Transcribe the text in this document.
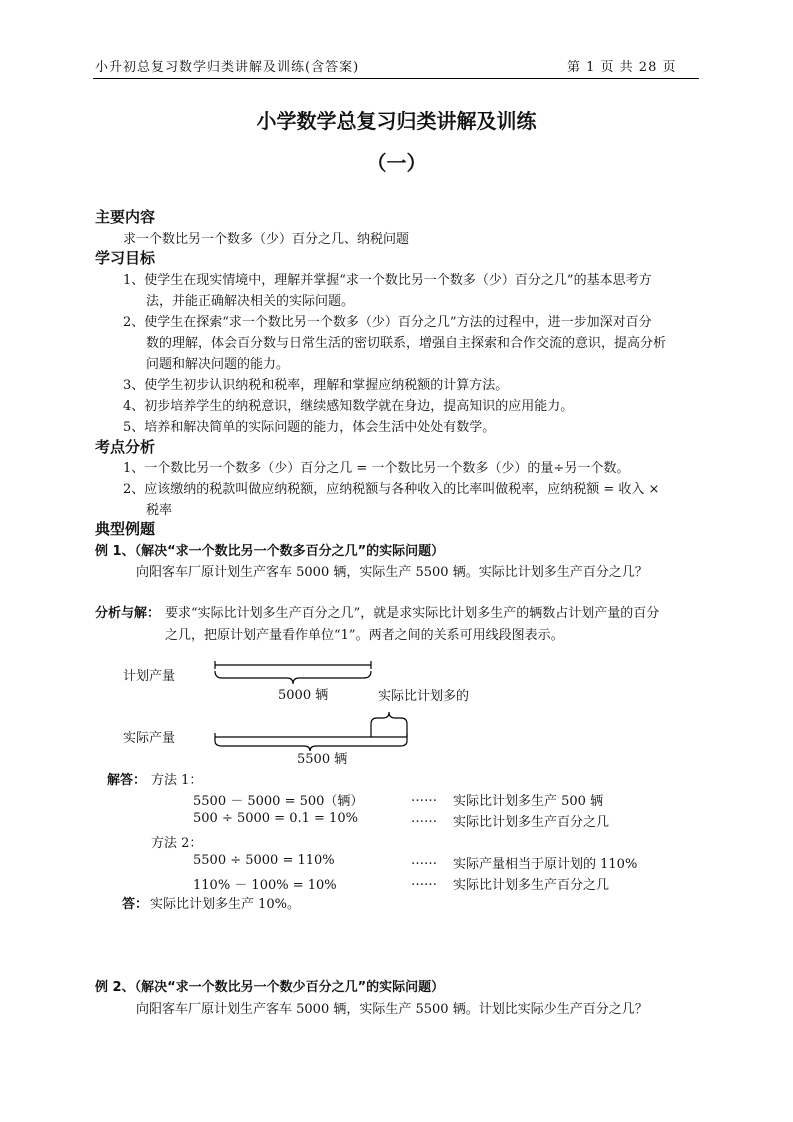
小升初总复习数学归类讲解及训练(含答案)	第 1 页 共 28 页
小学数学总复习归类讲解及训练
（一）
主要内容
求一个数比另一个数多（少）百分之几、纳税问题
学习目标
1、使学生在现实情境中，理解并掌握“求一个数比另一个数多（少）百分之几”的基本思考方
法，并能正确解决相关的实际问题。
2、使学生在探索“求一个数比另一个数多（少）百分之几”方法的过程中，进一步加深对百分
数的理解，体会百分数与日常生活的密切联系，增强自主探索和合作交流的意识，提高分析
问题和解决问题的能力。
3、使学生初步认识纳税和税率，理解和掌握应纳税额的计算方法。
4、初步培养学生的纳税意识，继续感知数学就在身边，提高知识的应用能力。
5、培养和解决简单的实际问题的能力，体会生活中处处有数学。
考点分析
1、一个数比另一个数多（少）百分之几 = 一个数比另一个数多（少）的量÷另一个数。
2、应该缴纳的税款叫做应纳税额，应纳税额与各种收入的比率叫做税率，应纳税额 = 收入 ×
税率
典型例题
例 1、（解决“求一个数比另一个数多百分之几”的实际问题）
向阳客车厂原计划生产客车 5000 辆，实际生产 5500 辆。实际比计划多生产百分之几？
分析与解： 要求“实际比计划多生产百分之几”，就是求实际比计划多生产的辆数占计划产量的百分
之几，把原计划产量看作单位“1”。两者之间的关系可用线段图表示。
计划产量
5000 辆	实际比计划多的
实际产量
5500 辆
解答： 方法 1：
5500 － 5000 = 500（辆）	…… 实际比计划多生产 500 辆
500 ÷ 5000 = 0.1 = 10%	…… 实际比计划多生产百分之几
方法 2：
5500 ÷ 5000 = 110%	…… 实际产量相当于原计划的 110%
110% － 100% = 10%	…… 实际比计划多生产百分之几
答： 实际比计划多生产 10%。
例 2、（解决“求一个数比另一个数少百分之几”的实际问题）
向阳客车厂原计划生产客车 5000 辆，实际生产 5500 辆。计划比实际少生产百分之几？
